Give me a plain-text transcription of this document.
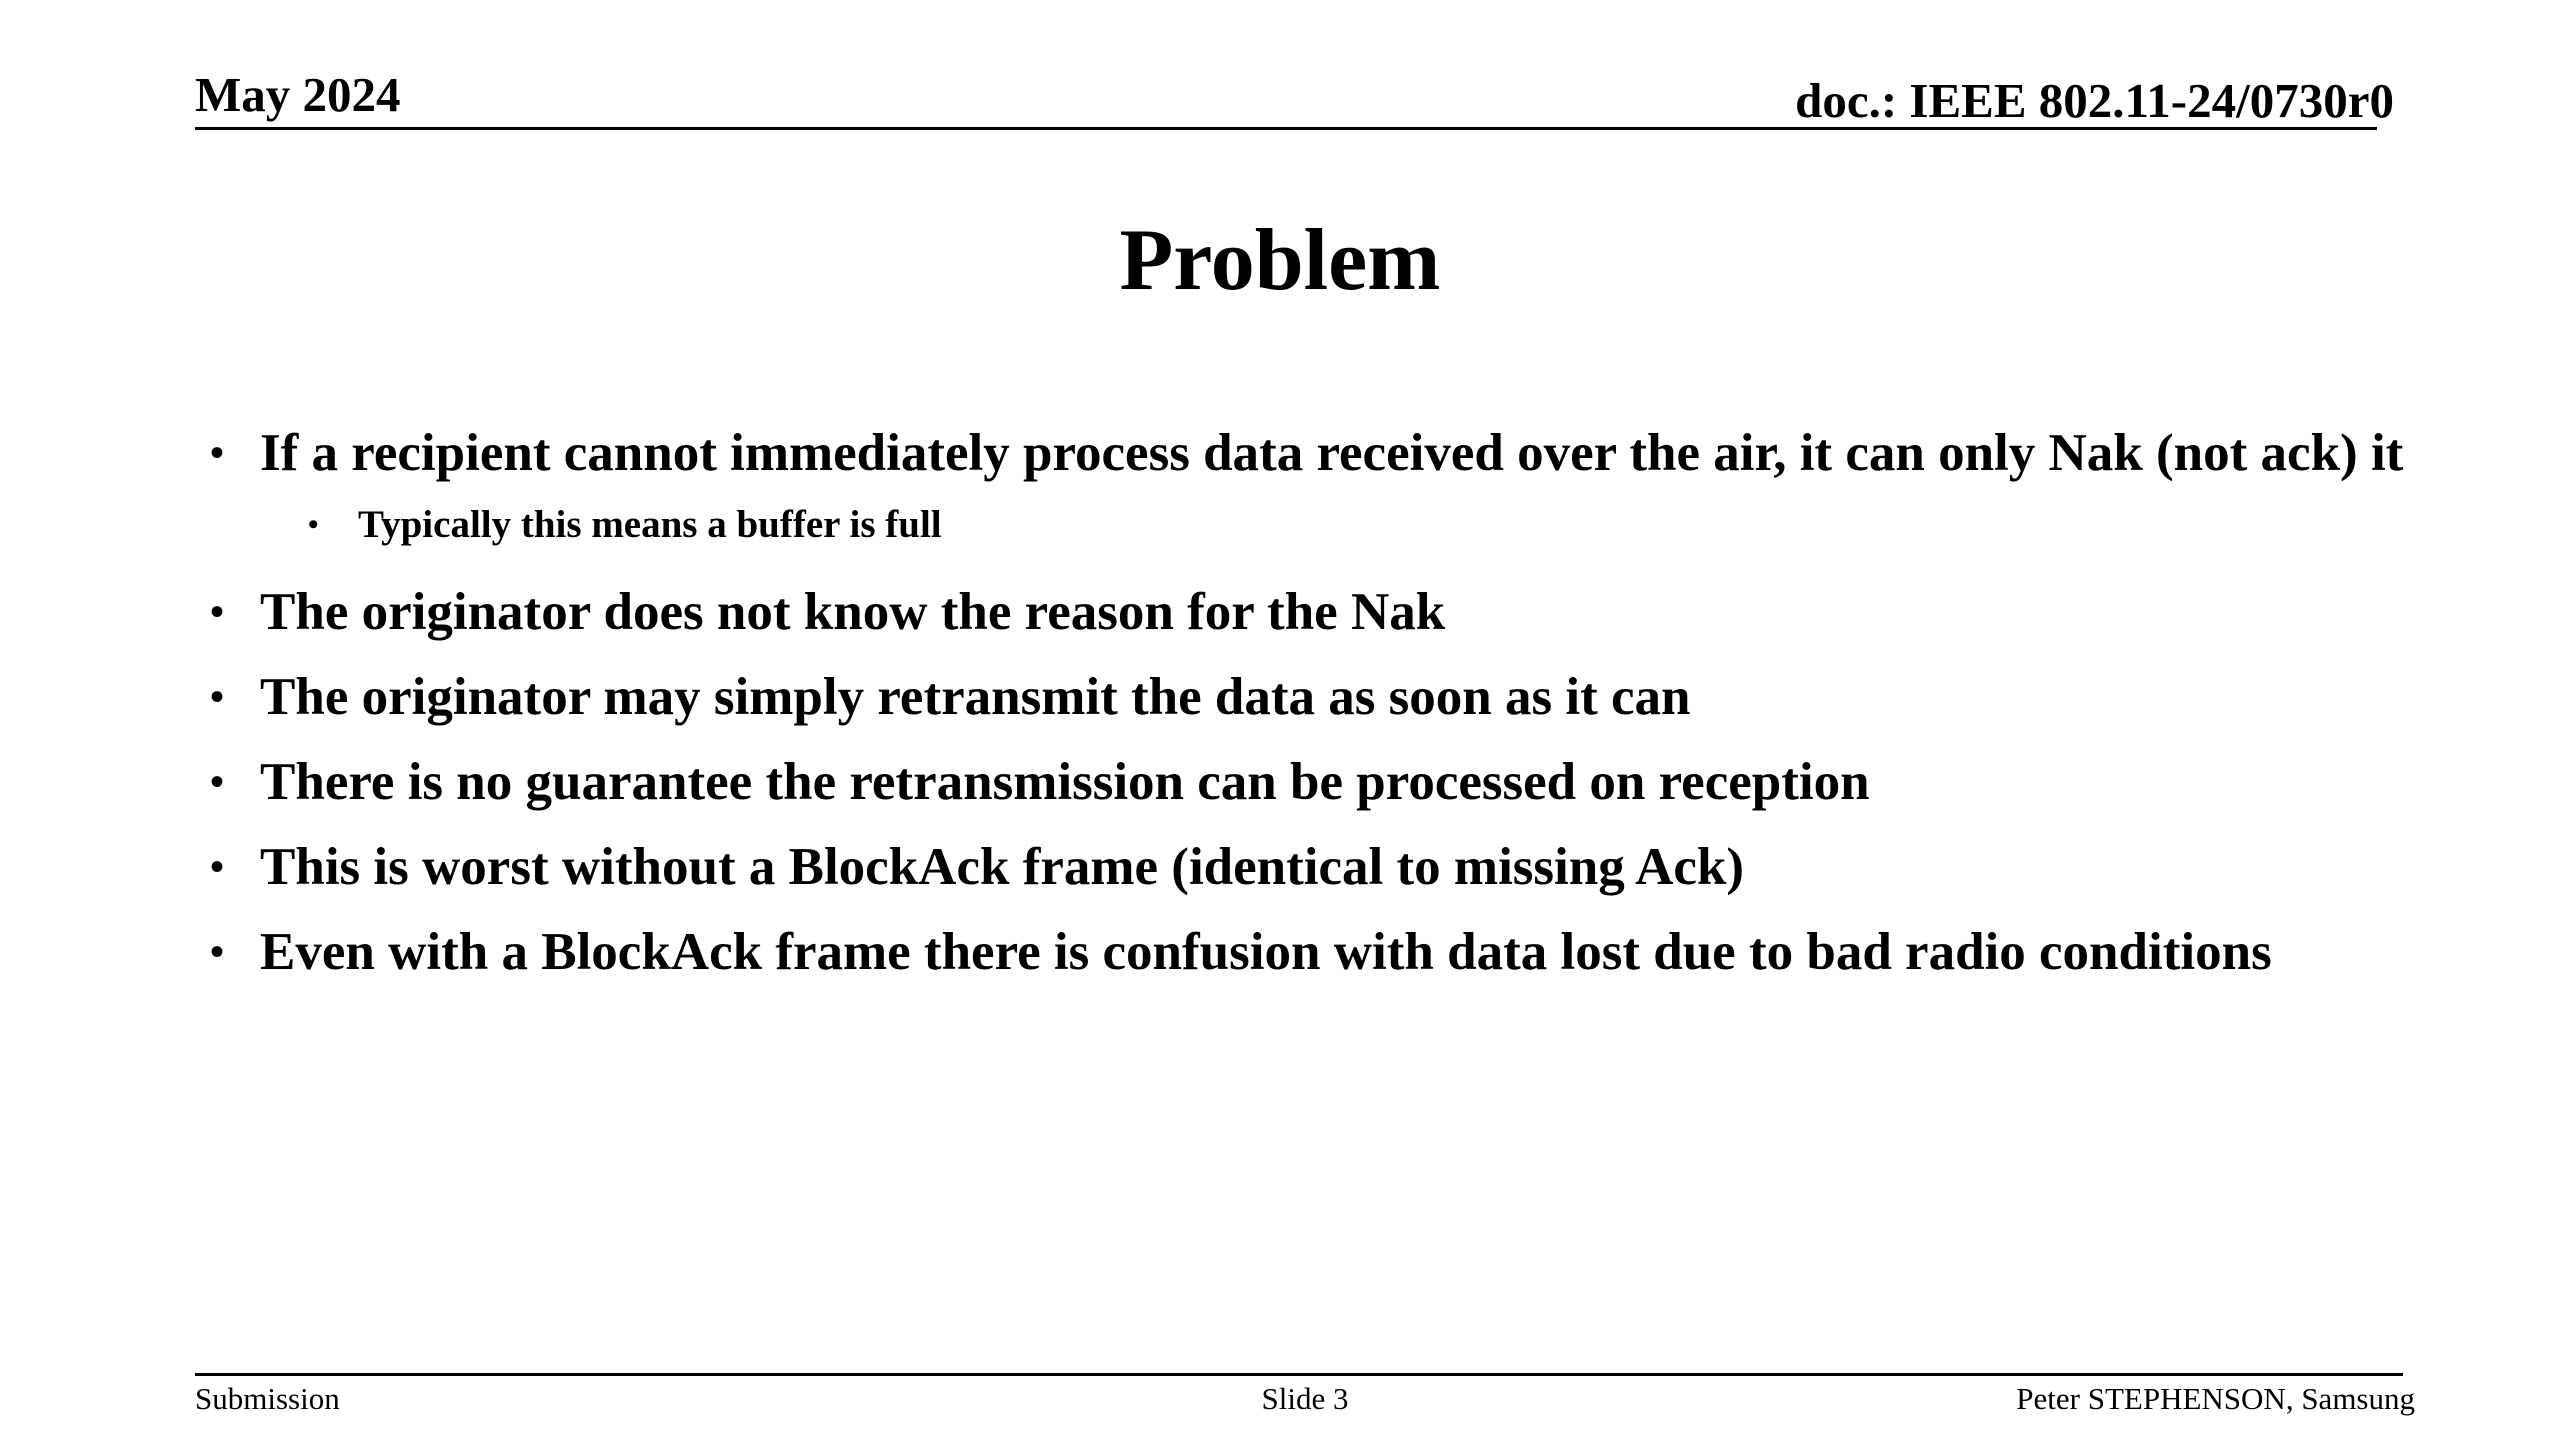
May 2024	doc.: IEEE 802.11-24/0730r0
Problem
• If a recipient cannot immediately process data received over the air, it can only Nak (not ack) it
• Typically this means a buffer is full
• The originator does not know the reason for the Nak
• The originator may simply retransmit the data as soon as it can
• There is no guarantee the retransmission can be processed on reception
• This is worst without a BlockAck frame (identical to missing Ack)
• Even with a BlockAck frame there is confusion with data lost due to bad radio conditions
Submission	Slide 3	Peter STEPHENSON, Samsung
